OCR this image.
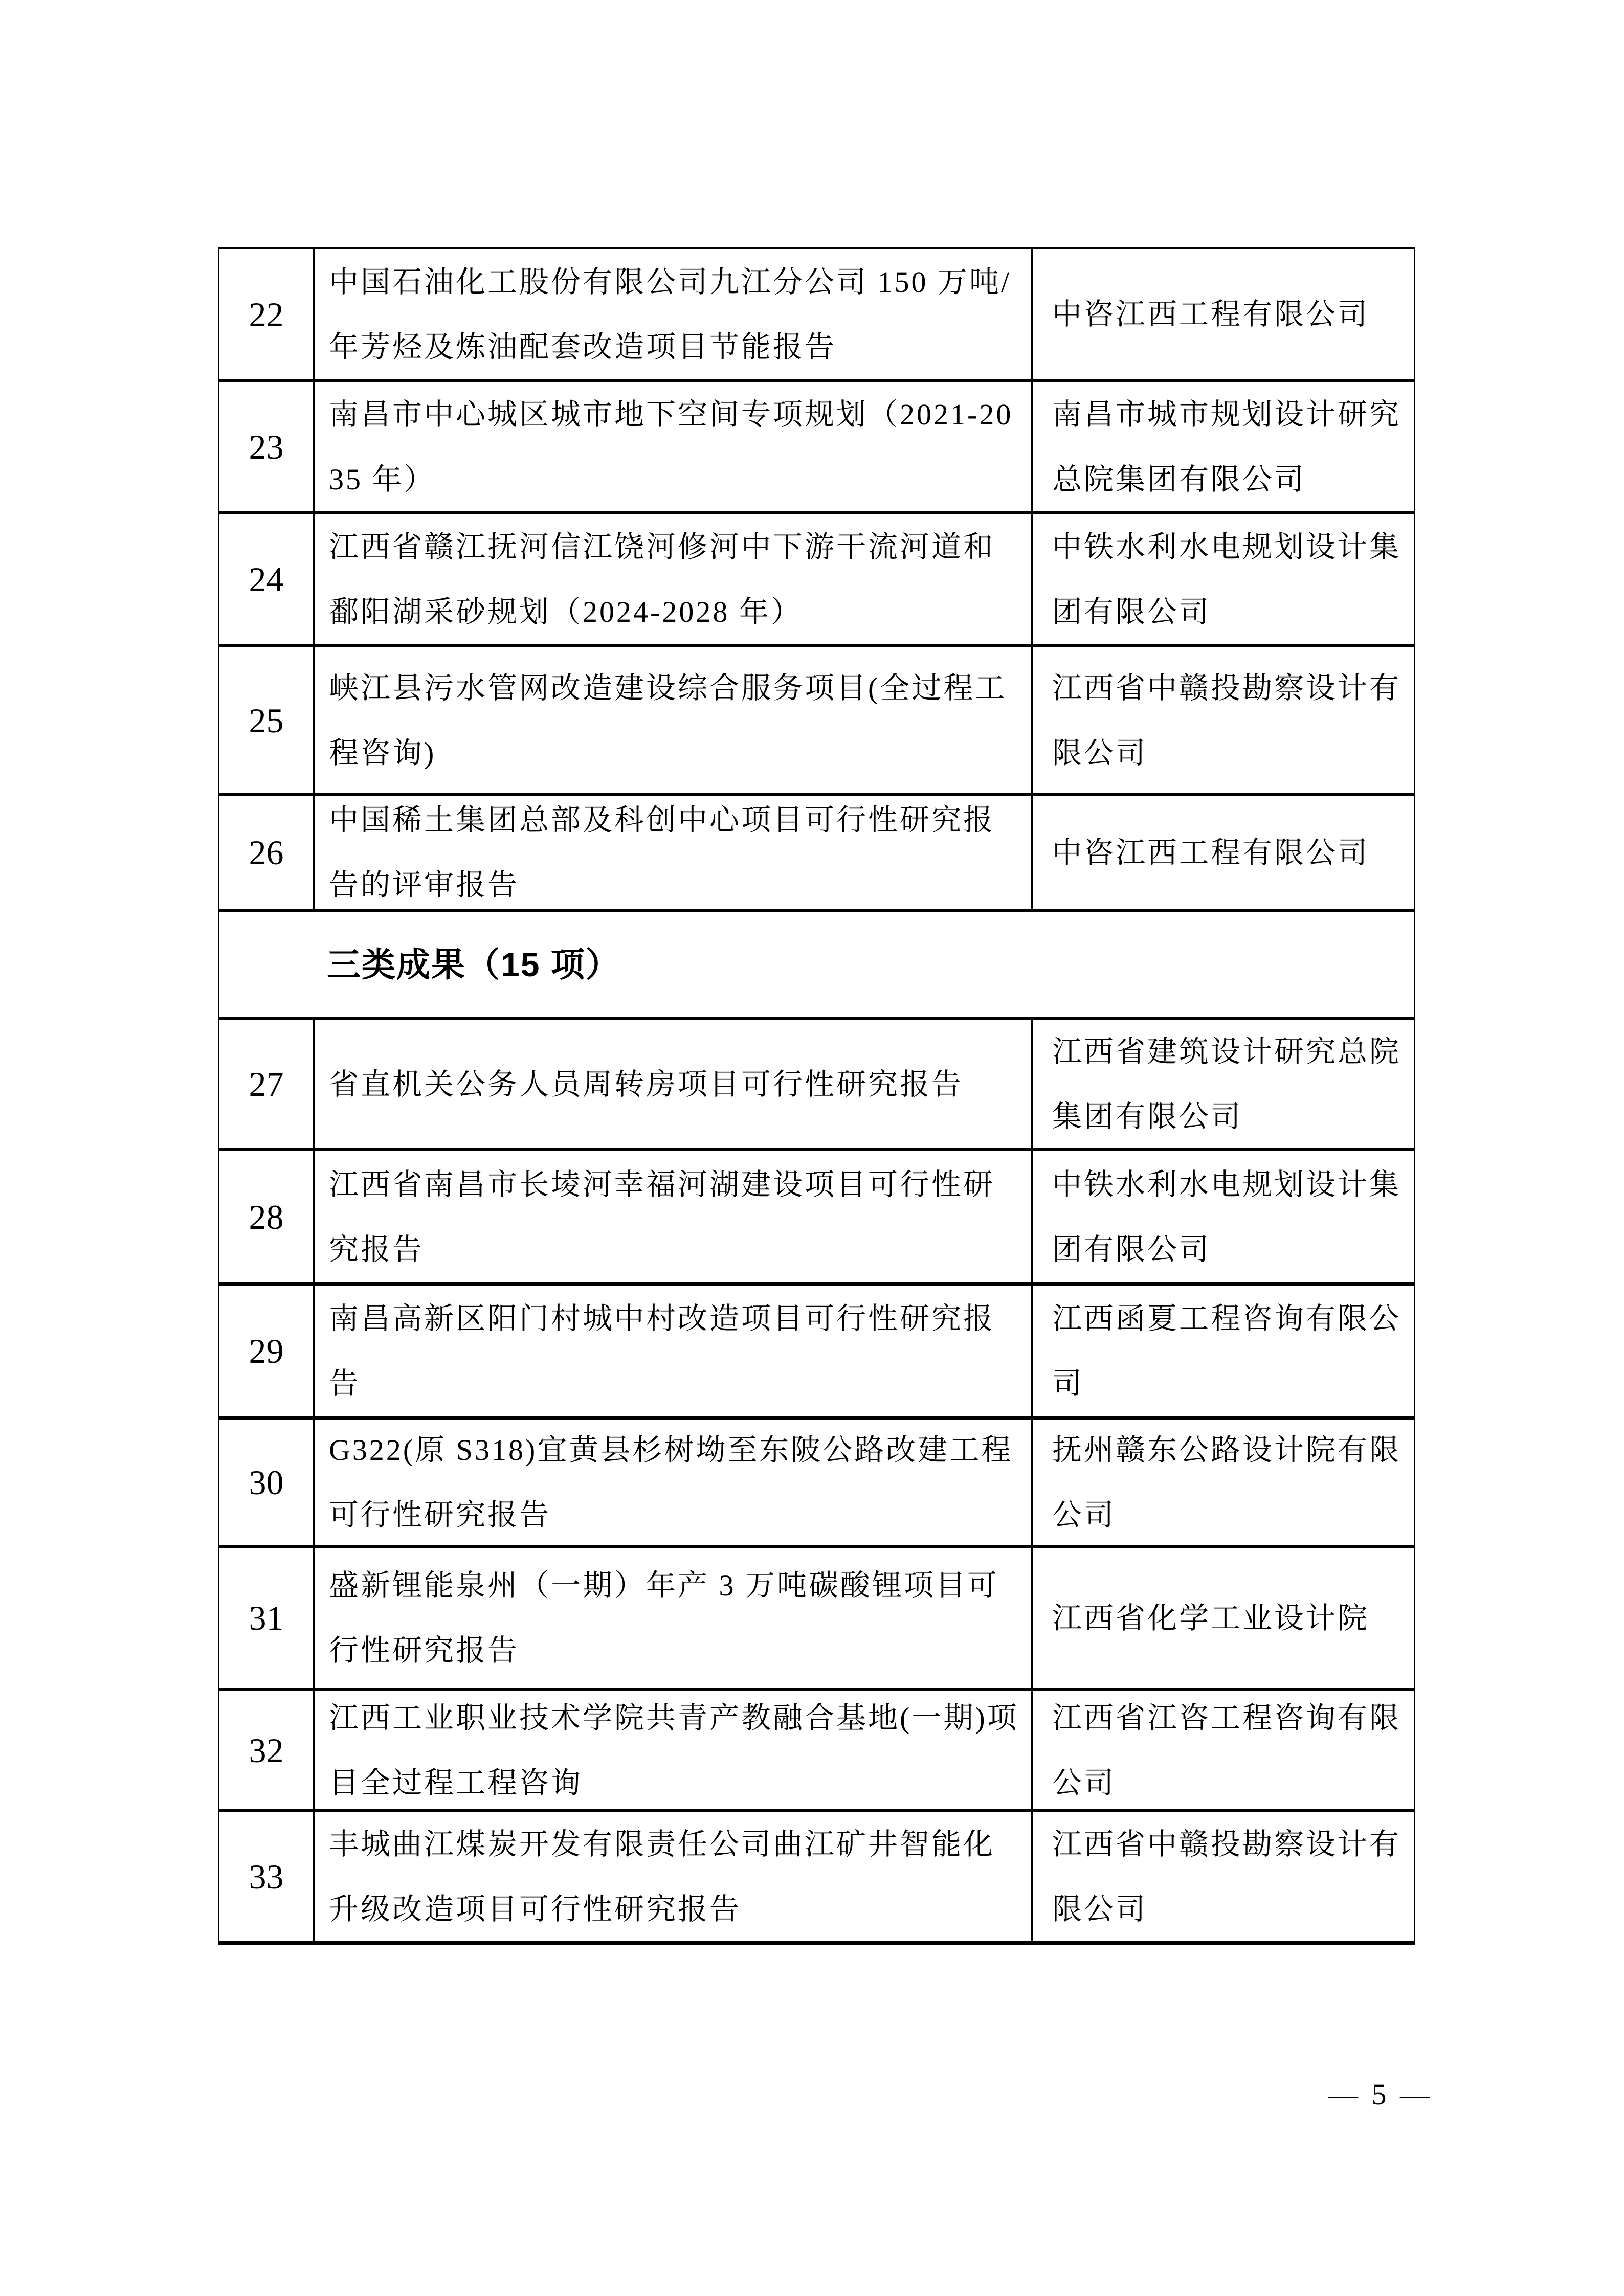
22
中国石油化工股份有限公司九江分公司 150 万吨/年芳烃及炼油配套改造项目节能报告
中咨江西工程有限公司
23
南昌市中心城区城市地下空间专项规划（2021-2035 年）
南昌市城市规划设计研究总院集团有限公司
24
江西省赣江抚河信江饶河修河中下游干流河道和鄱阳湖采砂规划（2024-2028 年）
中铁水利水电规划设计集团有限公司
25
峡江县污水管网改造建设综合服务项目(全过程工程咨询)
江西省中赣投勘察设计有限公司
26
中国稀土集团总部及科创中心项目可行性研究报告的评审报告
中咨江西工程有限公司
三类成果（15 项）
27 省直机关公务人员周转房项目可行性研究报告
江西省建筑设计研究总院集团有限公司
28
江西省南昌市长堎河幸福河湖建设项目可行性研究报告
中铁水利水电规划设计集团有限公司
29
南昌高新区阳门村城中村改造项目可行性研究报告
江西函夏工程咨询有限公司
30
G322(原 S318)宜黄县杉树坳至东陂公路改建工程可行性研究报告
抚州赣东公路设计院有限公司
31
盛新锂能泉州（一期）年产 3 万吨碳酸锂项目可行性研究报告
江西省化学工业设计院
32
江西工业职业技术学院共青产教融合基地(一期)项目全过程工程咨询
江西省江咨工程咨询有限公司
33
丰城曲江煤炭开发有限责任公司曲江矿井智能化升级改造项目可行性研究报告
江西省中赣投勘察设计有限公司
— 5 —
